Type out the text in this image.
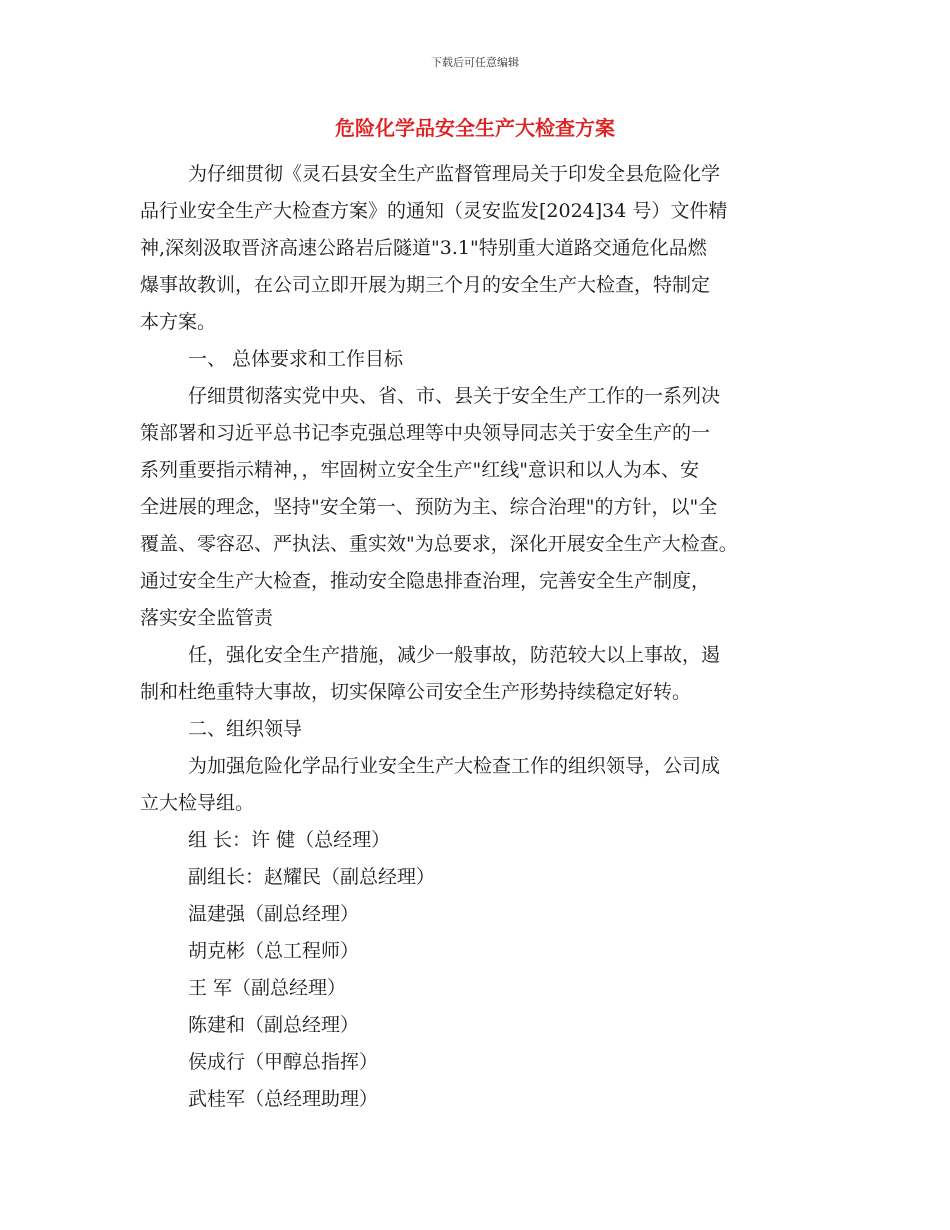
下载后可任意编辑
危险化学品安全生产大检查方案
为仔细贯彻《灵石县安全生产监督管理局关于印发全县危险化学
品行业安全生产大检查方案》的通知（灵安监发[2024]34 号）文件精
神,深刻汲取晋济高速公路岩后隧道"3.1"特别重大道路交通危化品燃
爆事故教训，在公司立即开展为期三个月的安全生产大检查，特制定
本方案。
一、 总体要求和工作目标
仔细贯彻落实党中央、省、市、县关于安全生产工作的一系列决
策部署和习近平总书记李克强总理等中央领导同志关于安全生产的一
系列重要指示精神，，牢固树立安全生产"红线"意识和以人为本、安
全进展的理念，坚持"安全第一、预防为主、综合治理"的方针，以"全
覆盖、零容忍、严执法、重实效"为总要求，深化开展安全生产大检查。
通过安全生产大检查，推动安全隐患排查治理，完善安全生产制度，
落实安全监管责
任，强化安全生产措施，减少一般事故，防范较大以上事故，遏
制和杜绝重特大事故，切实保障公司安全生产形势持续稳定好转。
二、组织领导
为加强危险化学品行业安全生产大检查工作的组织领导，公司成
立大检导组。
组 长：许 健（总经理）
副组长：赵耀民（副总经理）
温建强（副总经理）
胡克彬（总工程师）
王 军（副总经理）
陈建和（副总经理）
侯成行（甲醇总指挥）
武桂军（总经理助理）
